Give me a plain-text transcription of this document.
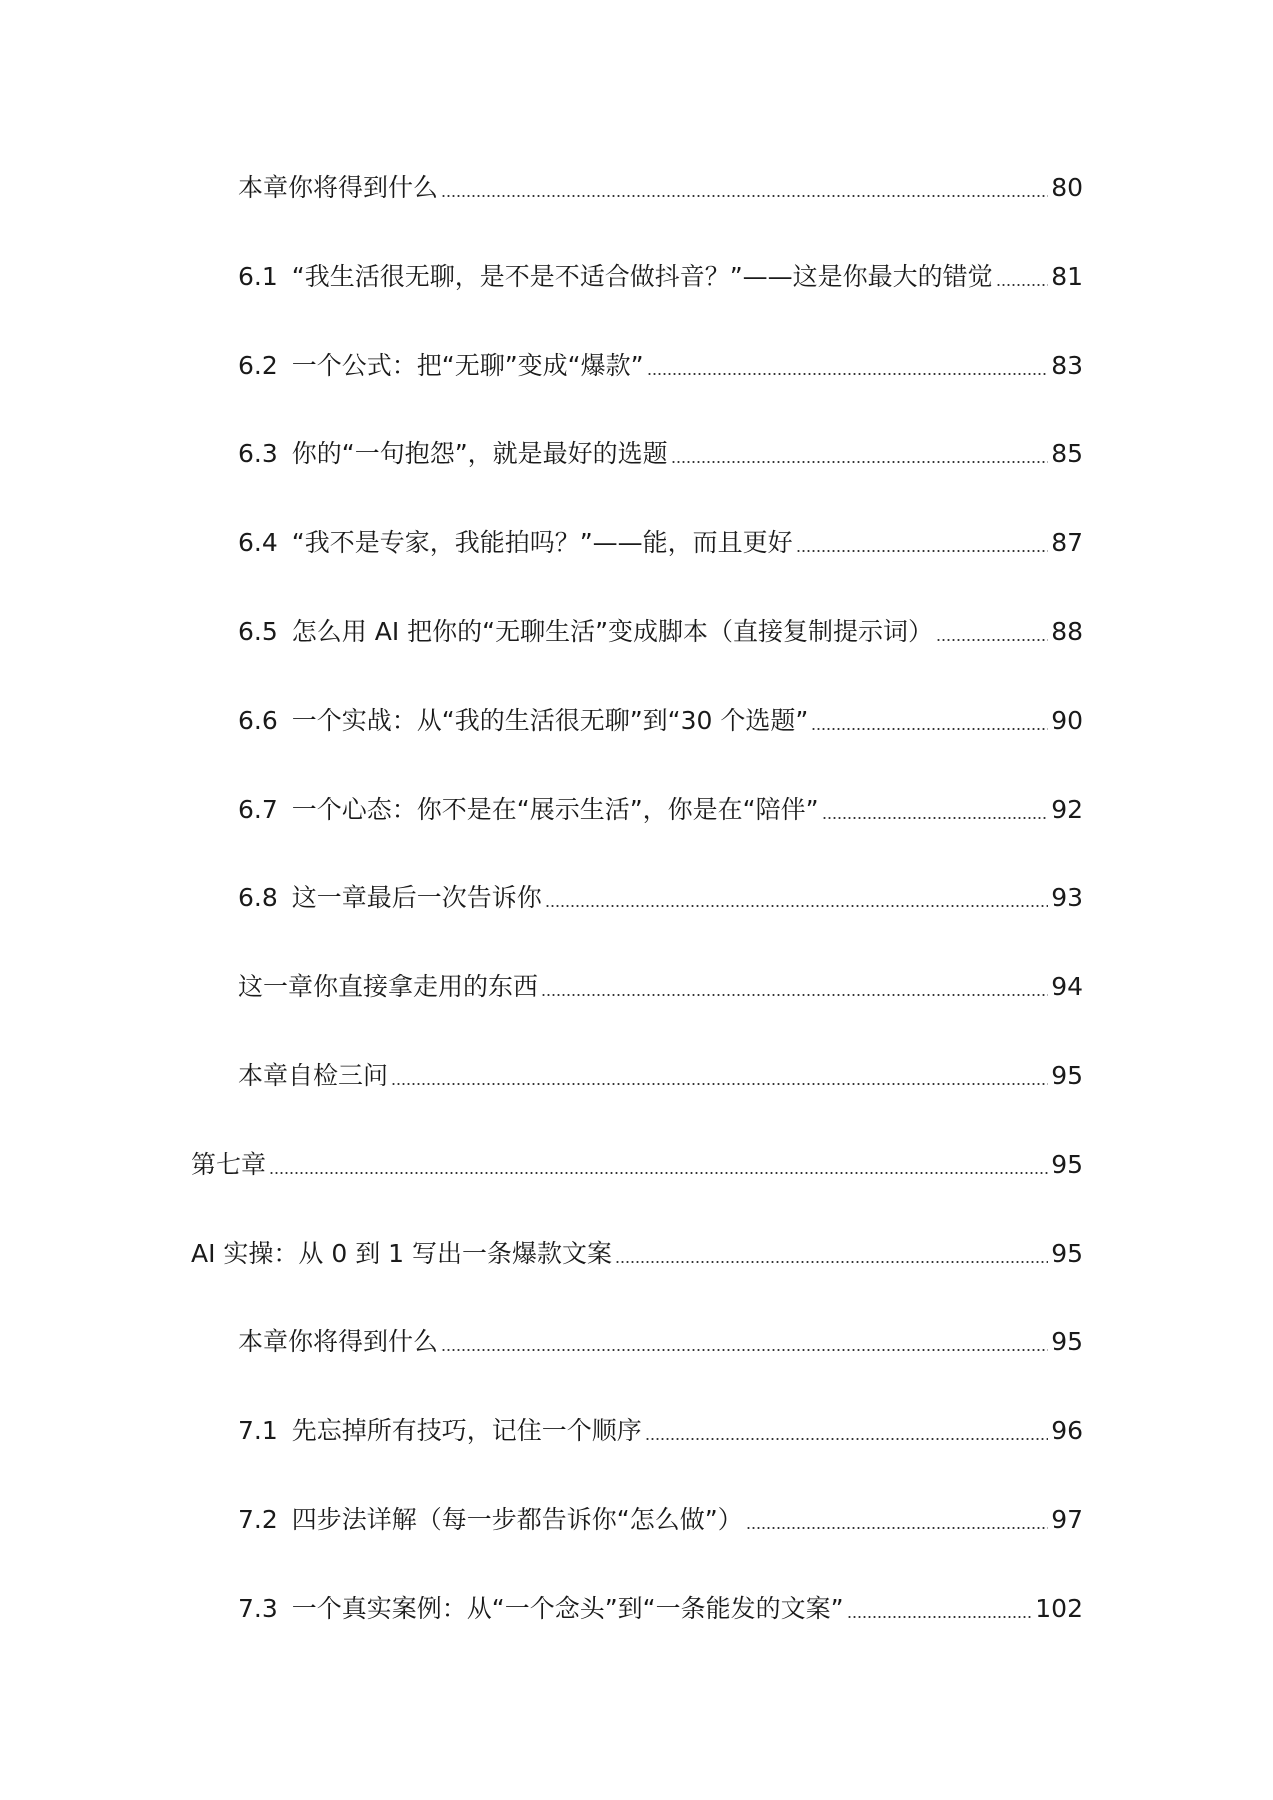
本章你将得到什么	80
6.1 “我生活很无聊，是不是不适合做抖音？”——这是你最大的错觉 81
6.2 一个公式：把“无聊”变成“爆款”	83
6.3 你的“一句抱怨”，就是最好的选题	85
6.4 “我不是专家，我能拍吗？”——能，而且更好	87
6.5 怎么用 AI 把你的“无聊生活”变成脚本（直接复制提示词）	88
6.6 一个实战：从“我的生活很无聊”到“30 个选题”	90
6.7 一个心态：你不是在“展示生活”，你是在“陪伴”	92
6.8 这一章最后一次告诉你	93
这一章你直接拿走用的东西	94
本章自检三问	95
第七章	95
AI 实操：从 0 到 1 写出一条爆款文案	95
本章你将得到什么	95
7.1 先忘掉所有技巧，记住一个顺序	96
7.2 四步法详解（每一步都告诉你“怎么做”）	97
7.3 一个真实案例：从“一个念头”到“一条能发的文案”	102
